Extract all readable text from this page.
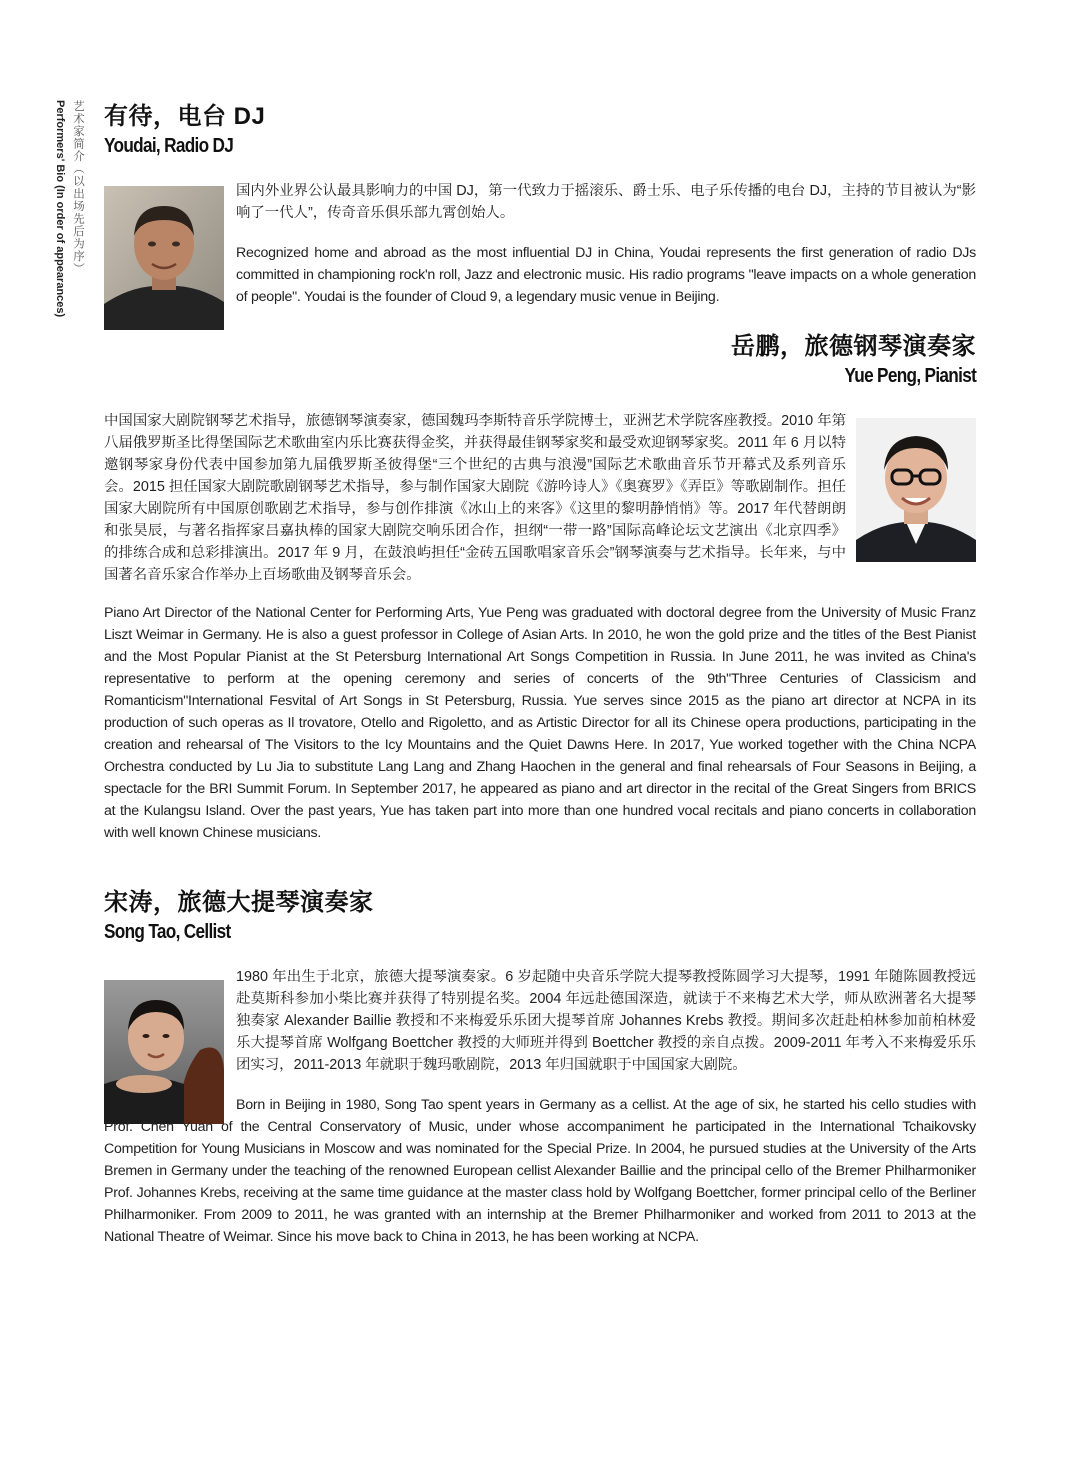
艺术家简介（以出场先后为序）
Performers' Bio (In order of appearances) 有待，电台 DJ
Youdai, Radio DJ

国内外业界公认最具影响力的中国 DJ，第一代致力于摇滚乐、爵士乐、电子乐传播的电台 DJ，主持的节目被认为“影响了一代人”，传奇音乐俱乐部九霄创始人。

Recognized home and abroad as the most influential DJ in China, Youdai represents the first generation of radio DJs committed in championing rock'n roll, Jazz and electronic music. His radio programs "leave impacts on a whole generation of people". Youdai is the founder of Cloud 9, a legendary music venue in Beijing.

岳鹏，旅德钢琴演奏家
Yue Peng, Pianist

中国国家大剧院钢琴艺术指导，旅德钢琴演奏家，德国魏玛李斯特音乐学院博士，亚洲艺术学院客座教授。2010 年第八届俄罗斯圣比得堡国际艺术歌曲室内乐比赛获得金奖，并获得最佳钢琴家奖和最受欢迎钢琴家奖。2011 年 6 月以特邀钢琴家身份代表中国参加第九届俄罗斯圣彼得堡“三个世纪的古典与浪漫”国际艺术歌曲音乐节开幕式及系列音乐会。2015 担任国家大剧院歌剧钢琴艺术指导，参与制作国家大剧院《游吟诗人》《奥赛罗》《弄臣》等歌剧制作。担任国家大剧院所有中国原创歌剧艺术指导，参与创作排演《冰山上的来客》《这里的黎明静悄悄》等。2017 年代替朗朗和张昊辰，与著名指挥家吕嘉执棒的国家大剧院交响乐团合作，担纲“一带一路”国际高峰论坛文艺演出《北京四季》的排练合成和总彩排演出。2017 年 9 月，在鼓浪屿担任“金砖五国歌唱家音乐会”钢琴演奏与艺术指导。长年来，与中国著名音乐家合作举办上百场歌曲及钢琴音乐会。

Piano Art Director of the National Center for Performing Arts, Yue Peng was graduated with doctoral degree from the University of Music Franz Liszt Weimar in Germany. He is also a guest professor in College of Asian Arts. In 2010, he won the gold prize and the titles of the Best Pianist and the Most Popular Pianist at the St Petersburg International Art Songs Competition in Russia. In June 2011, he was invited as China's representative to perform at the opening ceremony and series of concerts of the 9th"Three Centuries of Classicism and Romanticism"International Fesvital of Art Songs in St Petersburg, Russia. Yue serves since 2015 as the piano art director at NCPA in its production of such operas as Il trovatore, Otello and Rigoletto, and as Artistic Director for all its Chinese opera productions, participating in the creation and rehearsal of The Visitors to the Icy Mountains and the Quiet Dawns Here. In 2017, Yue worked together with the China NCPA Orchestra conducted by Lu Jia to substitute Lang Lang and Zhang Haochen in the general and final rehearsals of Four Seasons in Beijing, a spectacle for the BRI Summit Forum. In September 2017, he appeared as piano and art director in the recital of the Great Singers from BRICS at the Kulangsu Island. Over the past years, Yue has taken part into more than one hundred vocal recitals and piano concerts in collaboration with well known Chinese musicians.

宋涛，旅德大提琴演奏家
Song Tao, Cellist

1980 年出生于北京，旅德大提琴演奏家。6 岁起随中央音乐学院大提琴教授陈圆学习大提琴，1991 年随陈圆教授远赴莫斯科参加小柴比赛并获得了特别提名奖。2004 年远赴德国深造，就读于不来梅艺术大学，师从欧洲著名大提琴独奏家 Alexander Baillie 教授和不来梅爱乐乐团大提琴首席 Johannes Krebs 教授。期间多次赶赴柏林参加前柏林爱乐大提琴首席 Wolfgang Boettcher 教授的大师班并得到 Boettcher 教授的亲自点拨。2009-2011 年考入不来梅爱乐乐团实习，2011-2013 年就职于魏玛歌剧院，2013 年归国就职于中国国家大剧院。

Born in Beijing in 1980, Song Tao spent years in Germany as a cellist. At the age of six, he started his cello studies with Prof. Chen Yuan of the Central Conservatory of Music, under whose accompaniment he participated in the International Tchaikovsky Competition for Young Musicians in Moscow and was nominated for the Special Prize. In 2004, he pursued studies at the University of the Arts Bremen in Germany under the teaching of the renowned European cellist Alexander Baillie and the principal cello of the Bremer Philharmoniker Prof. Johannes Krebs, receiving at the same time guidance at the master class hold by Wolfgang Boettcher, former principal cello of the Berliner Philharmoniker. From 2009 to 2011, he was granted with an internship at the Bremer Philharmoniker and worked from 2011 to 2013 at the National Theatre of Weimar. Since his move back to China in 2013, he has been working at NCPA.
